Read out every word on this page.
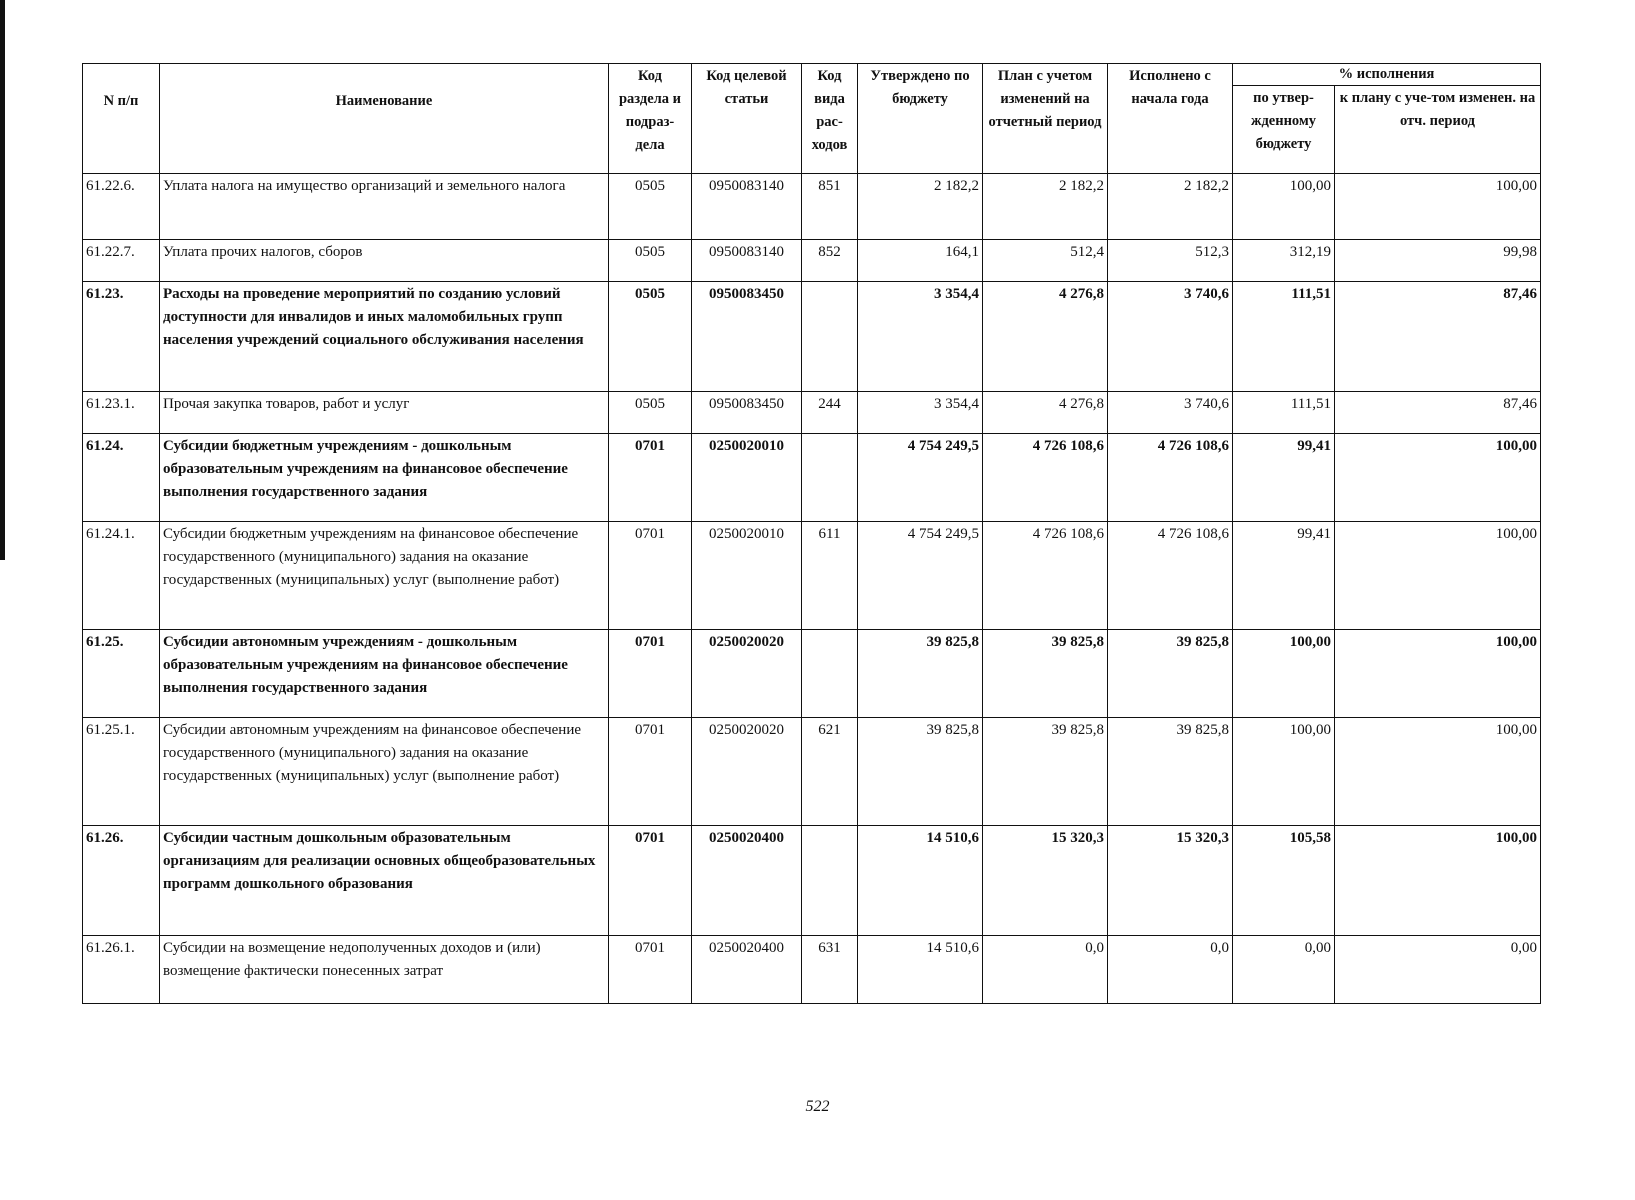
N п/п	Наименование	Код раздела и подраз-дела	Код целевой статьи	Код вида рас-ходов	Утверждено по бюджету	План с учетом изменений на отчетный период	Исполнено с начала года	% исполнения	
								по утвер-жденному бюджету	к плану с уче-том изменен. на отч. период
61.22.6.	Уплата налога на имущество организаций и земельного налога	0505	0950083140	851	2 182,2	2 182,2	2 182,2	100,00	100,00
61.22.7.	Уплата прочих налогов, сборов	0505	0950083140	852	164,1	512,4	512,3	312,19	99,98
61.23.	Расходы на проведение мероприятий по созданию условий доступности для инвалидов и иных маломобильных групп населения учреждений социального обслуживания населения	0505	0950083450		3 354,4	4 276,8	3 740,6	111,51	87,46
61.23.1.	Прочая закупка товаров, работ и услуг	0505	0950083450	244	3 354,4	4 276,8	3 740,6	111,51	87,46
61.24.	Субсидии бюджетным учреждениям - дошкольным образовательным учреждениям на финансовое обеспечение выполнения государственного задания	0701	0250020010		4 754 249,5	4 726 108,6	4 726 108,6	99,41	100,00
61.24.1.	Субсидии бюджетным учреждениям на финансовое обеспечение государственного (муниципального) задания на оказание государственных (муниципальных) услуг (выполнение работ)	0701	0250020010	611	4 754 249,5	4 726 108,6	4 726 108,6	99,41	100,00
61.25.	Субсидии автономным учреждениям - дошкольным образовательным учреждениям на финансовое обеспечение выполнения государственного задания	0701	0250020020		39 825,8	39 825,8	39 825,8	100,00	100,00
61.25.1.	Субсидии автономным учреждениям на финансовое обеспечение государственного (муниципального) задания на оказание государственных (муниципальных) услуг (выполнение работ)	0701	0250020020	621	39 825,8	39 825,8	39 825,8	100,00	100,00
61.26.	Субсидии частным дошкольным образовательным организациям для реализации основных общеобразовательных программ дошкольного образования	0701	0250020400		14 510,6	15 320,3	15 320,3	105,58	100,00
61.26.1.	Субсидии на возмещение недополученных доходов и (или) возмещение фактически понесенных затрат	0701	0250020400	631	14 510,6	0,0	0,0	0,00	0,00
522
